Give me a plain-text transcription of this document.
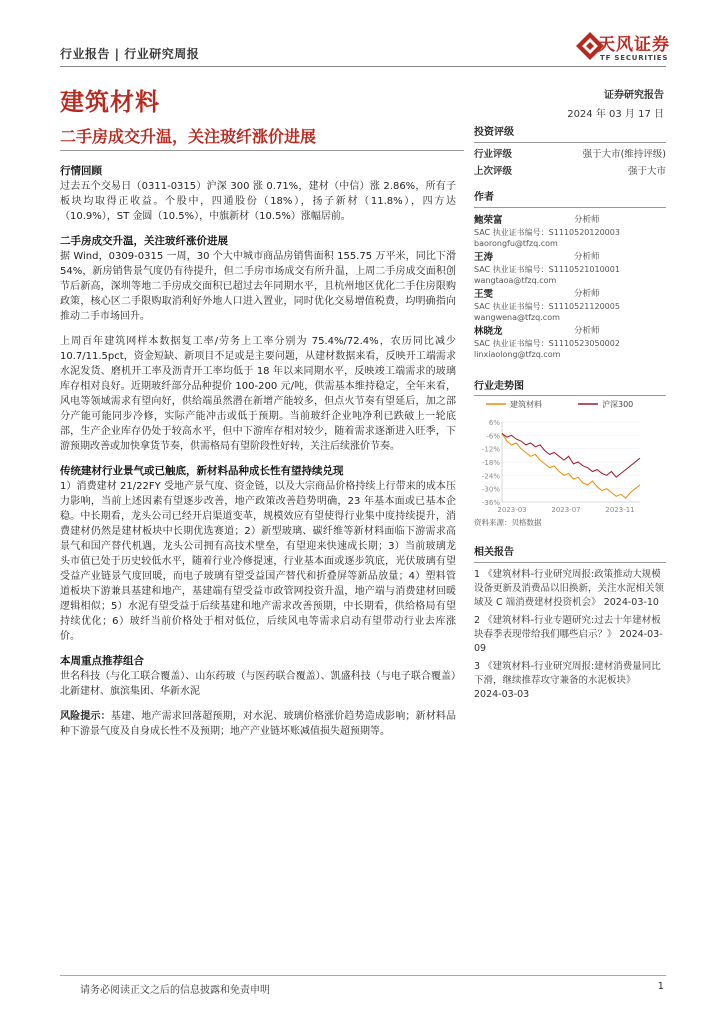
行业报告 | 行业研究周报	天风证券
TF SECURITIES
建筑材料	证券研究报告
2024 年 03 月 17 日
二手房成交升温，关注玻纤涨价进展
行情回顾

过去五个交易日（0311-0315）沪深 300 涨 0.71%，建材（中信）涨 2.86%，所有子板块均取得正收益。个股中，四通股份（18%），扬子新材（11.8%），四方达（10.9%），ST 金圆（10.5%），中旗新材（10.5%）涨幅居前。

二手房成交升温，关注玻纤涨价进展

据 Wind，0309-0315 一周，30 个大中城市商品房销售面积 155.75 万平米，同比下滑 54%，新房销售景气度仍有待提升，但二手房市场成交有所升温，上周二手房成交面积创节后新高，深圳等地二手房成交面积已超过去年同期水平，且杭州地区优化二手住房限购政策，核心区二手限购取消利好外地人口进入置业，同时优化交易增值税费，均明确指向推动二手市场回升。

上周百年建筑网样本数据复工率/劳务上工率分别为 75.4%/72.4%，农历同比减少 10.7/11.5pct，资金短缺、新项目不足或是主要问题，从建材数据来看，反映开工端需求水泥发货、磨机开工率及沥青开工率均低于 18 年以来同期水平，反映竣工端需求的玻璃库存相对良好。近期玻纤部分品种提价 100-200 元/吨，供需基本维持稳定，全年来看，风电等领域需求有望向好，供给端虽然潜在新增产能较多，但点火节奏有望延后，加之部分产能可能同步冷修，实际产能冲击或低于预期。当前玻纤企业吨净利已跌破上一轮底部，生产企业库存仍处于较高水平，但中下游库存相对较少，随着需求逐渐进入旺季，下游预期改善或加快拿货节奏，供需格局有望阶段性好转，关注后续涨价节奏。

传统建材行业景气或已触底，新材料品种成长性有望持续兑现

1）消费建材 21/22FY 受地产景气度、资金链，以及大宗商品价格持续上行带来的成本压力影响，当前上述因素有望逐步改善，地产政策改善趋势明确，23 年基本面或已基本企稳。中长期看，龙头公司已经开启渠道变革，规模效应有望使得行业集中度持续提升，消费建材仍然是建材板块中长期优选赛道；2）新型玻璃、碳纤维等新材料面临下游需求高景气和国产替代机遇，龙头公司拥有高技术壁垒，有望迎来快速成长期；3）当前玻璃龙头市值已处于历史较低水平，随着行业冷修提速，行业基本面或逐步筑底，光伏玻璃有望受益产业链景气度回暖，而电子玻璃有望受益国产替代和折叠屏等新品放量；4）塑料管道板块下游兼具基建和地产，基建端有望受益市政管网投资升温，地产端与消费建材回暖逻辑相似；5）水泥有望受益于后续基建和地产需求改善预期，中长期看，供给格局有望持续优化；6）玻纤当前价格处于相对低位，后续风电等需求启动有望带动行业去库涨价。

本周重点推荐组合

世名科技（与化工联合覆盖）、山东药玻（与医药联合覆盖）、凯盛科技（与电子联合覆盖）北新建材、旗滨集团、华新水泥

风险提示：基建、地产需求回落超预期，对水泥、玻璃价格涨价趋势造成影响；新材料品种下游景气度及自身成长性不及预期；地产产业链坏账减值损失超预期等。

投资评级
行业评级	强于大市(维持评级)
上次评级	强于大市
作者
鲍荣富	分析师
SAC 执业证书编号：S1110520120003
baorongfu@tfzq.com
王涛	分析师
SAC 执业证书编号：S1110521010001
wangtaoa@tfzq.com
王雯	分析师
SAC 执业证书编号：S1110521120005
wangwena@tfzq.com
林晓龙	分析师
SAC 执业证书编号：S1110523050002
linxiaolong@tfzq.com
行业走势图
建筑材料	沪深300
6%
-6%
-12%
-18%
-24%
-30%
-36%
2023-03	2023-07	2023-11
资料来源：贝格数据
相关报告
1 《建筑材料-行业研究周报:政策推动大规模设备更新及消费品以旧换新，关注水泥相关领域及 C 端消费建材投资机会》 2024-03-10
2 《建筑材料-行业专题研究:过去十年建材板块春季表现带给我们哪些启示？》 2024-03-09
3 《建筑材料-行业研究周报:建材消费量同比下滑，继续推荐攻守兼备的水泥板块》 2024-03-03
请务必阅读正文之后的信息披露和免责申明	1
